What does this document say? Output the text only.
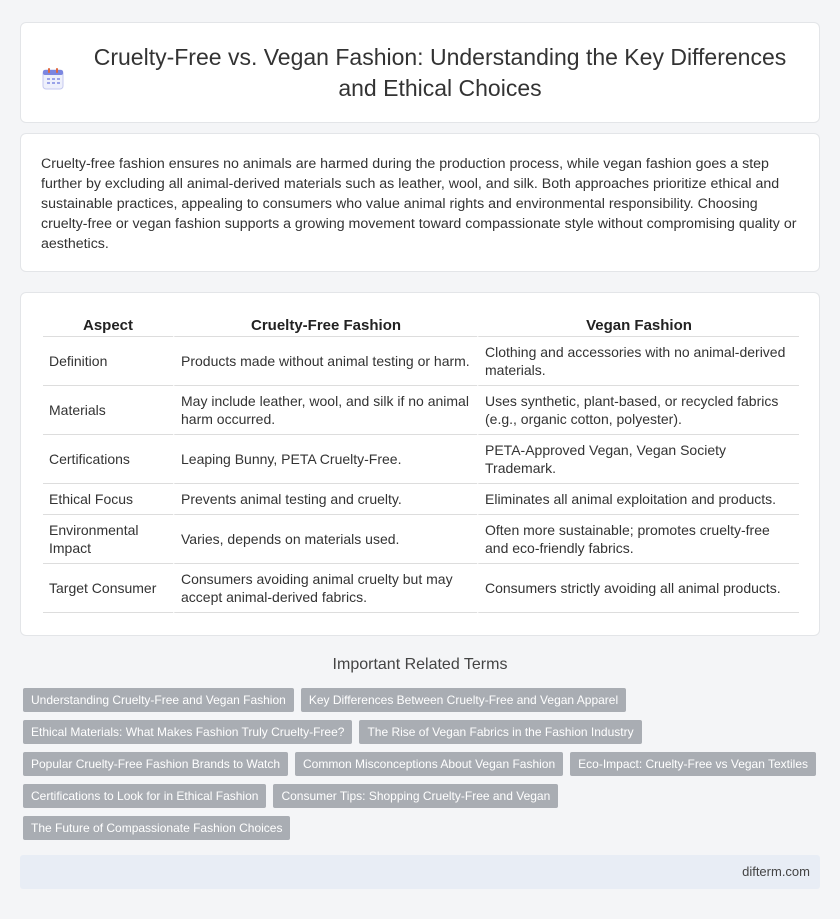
Cruelty-Free vs. Vegan Fashion: Understanding the Key Differences and Ethical Choices

Cruelty-free fashion ensures no animals are harmed during the production process, while vegan fashion goes a step further by excluding all animal-derived materials such as leather, wool, and silk. Both approaches prioritize ethical and sustainable practices, appealing to consumers who value animal rights and environmental responsibility. Choosing cruelty-free or vegan fashion supports a growing movement toward compassionate style without compromising quality or aesthetics.

Aspect	Cruelty-Free Fashion	Vegan Fashion
Definition	Products made without animal testing or harm.	Clothing and accessories with no animal-derived materials.
Materials	May include leather, wool, and silk if no animal harm occurred.	Uses synthetic, plant-based, or recycled fabrics (e.g., organic cotton, polyester).
Certifications	Leaping Bunny, PETA Cruelty-Free.	PETA-Approved Vegan, Vegan Society Trademark.
Ethical Focus	Prevents animal testing and cruelty.	Eliminates all animal exploitation and products.
Environmental Impact	Varies, depends on materials used.	Often more sustainable; promotes cruelty-free and eco-friendly fabrics.
Target Consumer	Consumers avoiding animal cruelty but may accept animal-derived fabrics.	Consumers strictly avoiding all animal products.
Important Related Terms
Understanding Cruelty-Free and Vegan Fashion	Key Differences Between Cruelty-Free and Vegan Apparel
Ethical Materials: What Makes Fashion Truly Cruelty-Free?	The Rise of Vegan Fabrics in the Fashion Industry
Popular Cruelty-Free Fashion Brands to Watch	Common Misconceptions About Vegan Fashion	Eco-Impact: Cruelty-Free vs Vegan Textiles
Certifications to Look for in Ethical Fashion	Consumer Tips: Shopping Cruelty-Free and Vegan
The Future of Compassionate Fashion Choices
difterm.com
